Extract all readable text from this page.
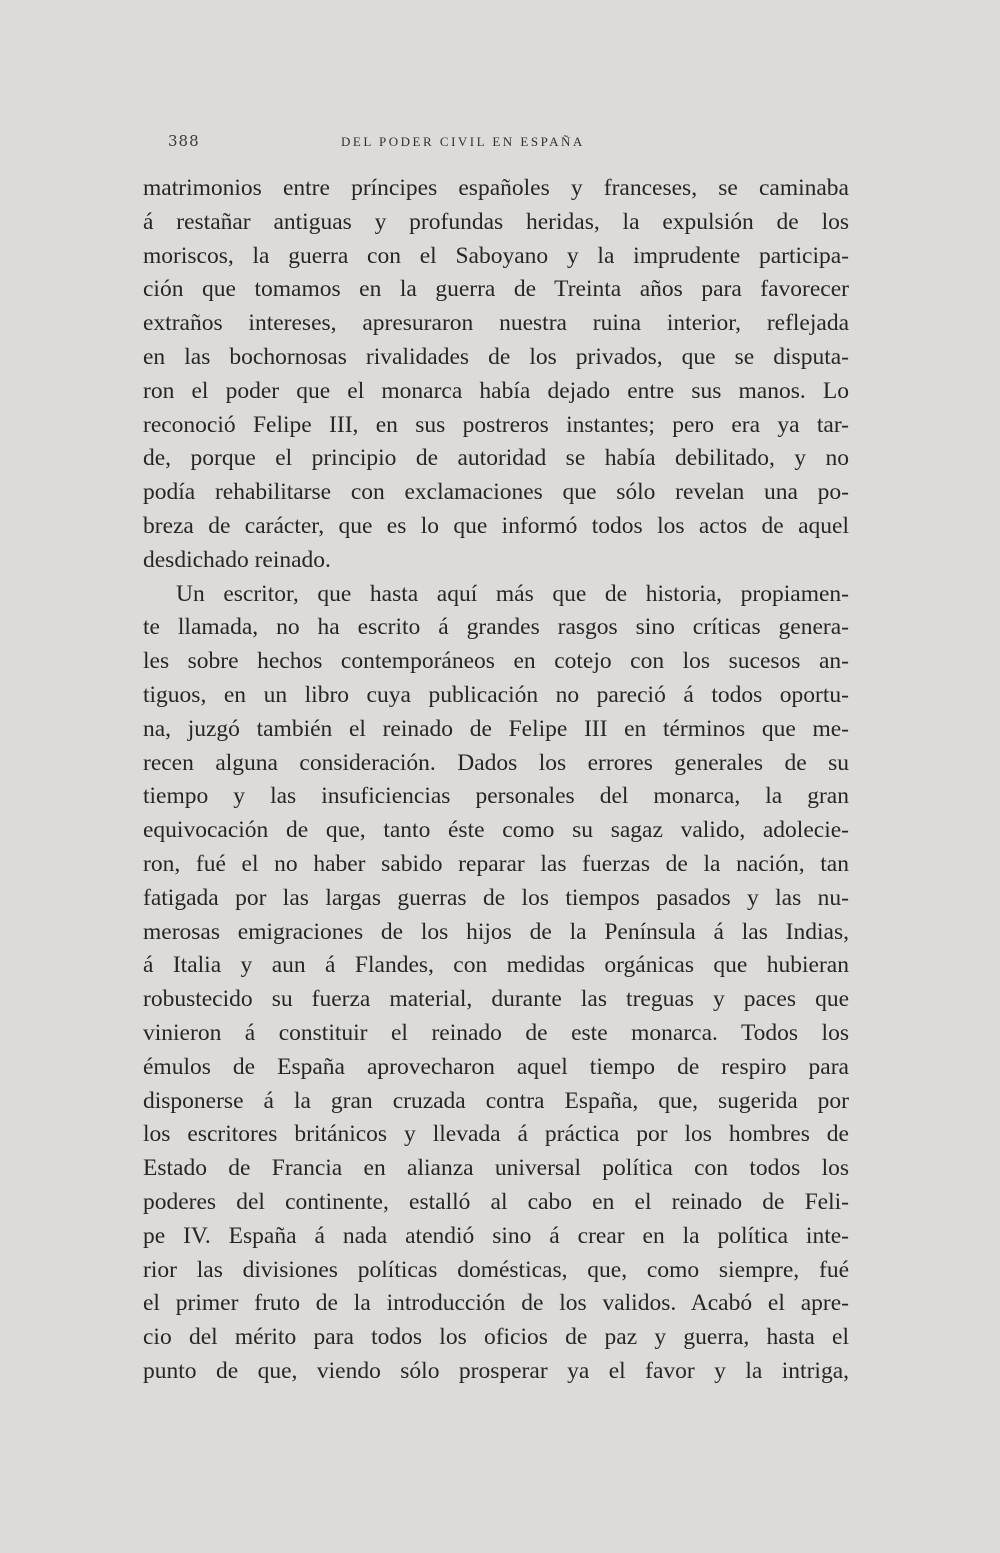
388	DEL PODER CIVIL EN ESPAÑA
matrimonios entre príncipes españoles y franceses, se caminaba
á restañar antiguas y profundas heridas, la expulsión de los
moriscos, la guerra con el Saboyano y la imprudente participa-
ción que tomamos en la guerra de Treinta años para favorecer
extraños intereses, apresuraron nuestra ruina interior, reflejada
en las bochornosas rivalidades de los privados, que se disputa-
ron el poder que el monarca había dejado entre sus manos. Lo
reconoció Felipe III, en sus postreros instantes; pero era ya tar-
de, porque el principio de autoridad se había debilitado, y no
podía rehabilitarse con exclamaciones que sólo revelan una po-
breza de carácter, que es lo que informó todos los actos de aquel
desdichado reinado.
Un escritor, que hasta aquí más que de historia, propiamen-
te llamada, no ha escrito á grandes rasgos sino críticas genera-
les sobre hechos contemporáneos en cotejo con los sucesos an-
tiguos, en un libro cuya publicación no pareció á todos oportu-
na, juzgó también el reinado de Felipe III en términos que me-
recen alguna consideración. Dados los errores generales de su
tiempo y las insuficiencias personales del monarca, la gran
equivocación de que, tanto éste como su sagaz valido, adolecie-
ron, fué el no haber sabido reparar las fuerzas de la nación, tan
fatigada por las largas guerras de los tiempos pasados y las nu-
merosas emigraciones de los hijos de la Península á las Indias,
á Italia y aun á Flandes, con medidas orgánicas que hubieran
robustecido su fuerza material, durante las treguas y paces que
vinieron á constituir el reinado de este monarca. Todos los
émulos de España aprovecharon aquel tiempo de respiro para
disponerse á la gran cruzada contra España, que, sugerida por
los escritores británicos y llevada á práctica por los hombres de
Estado de Francia en alianza universal política con todos los
poderes del continente, estalló al cabo en el reinado de Feli-
pe IV. España á nada atendió sino á crear en la política inte-
rior las divisiones políticas domésticas, que, como siempre, fué
el primer fruto de la introducción de los validos. Acabó el apre-
cio del mérito para todos los oficios de paz y guerra, hasta el
punto de que, viendo sólo prosperar ya el favor y la intriga,
